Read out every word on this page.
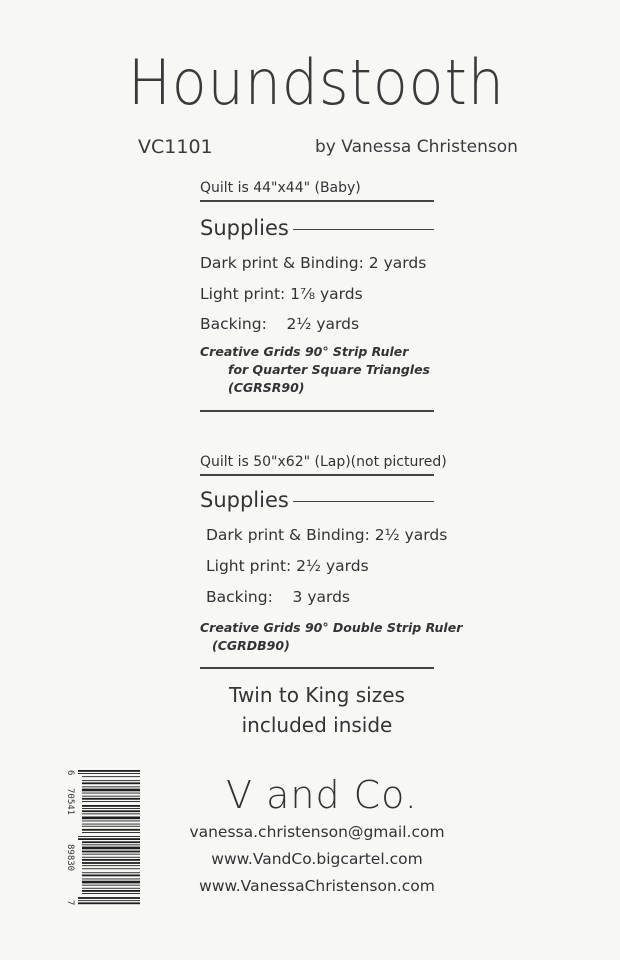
Houndstooth
VC1101	by Vanessa Christenson
Quilt is 44"x44" (Baby)
Supplies
Dark print & Binding: 2 yards
Light print: 1⅞ yards
Backing:    2½ yards
Creative Grids 90° Strip Ruler
for Quarter Square Triangles
(CGRSR90)
Quilt is 50"x62" (Lap)(not pictured)
Supplies
Dark print & Binding: 2½ yards
Light print: 2½ yards
Backing:    3 yards
Creative Grids 90° Double Strip Ruler
(CGRDB90)
Twin to King sizes
included inside
V and Co.
vanessa.christenson@gmail.com
www.VandCo.bigcartel.com
www.VanessaChristenson.com
6
70541
89830
7
